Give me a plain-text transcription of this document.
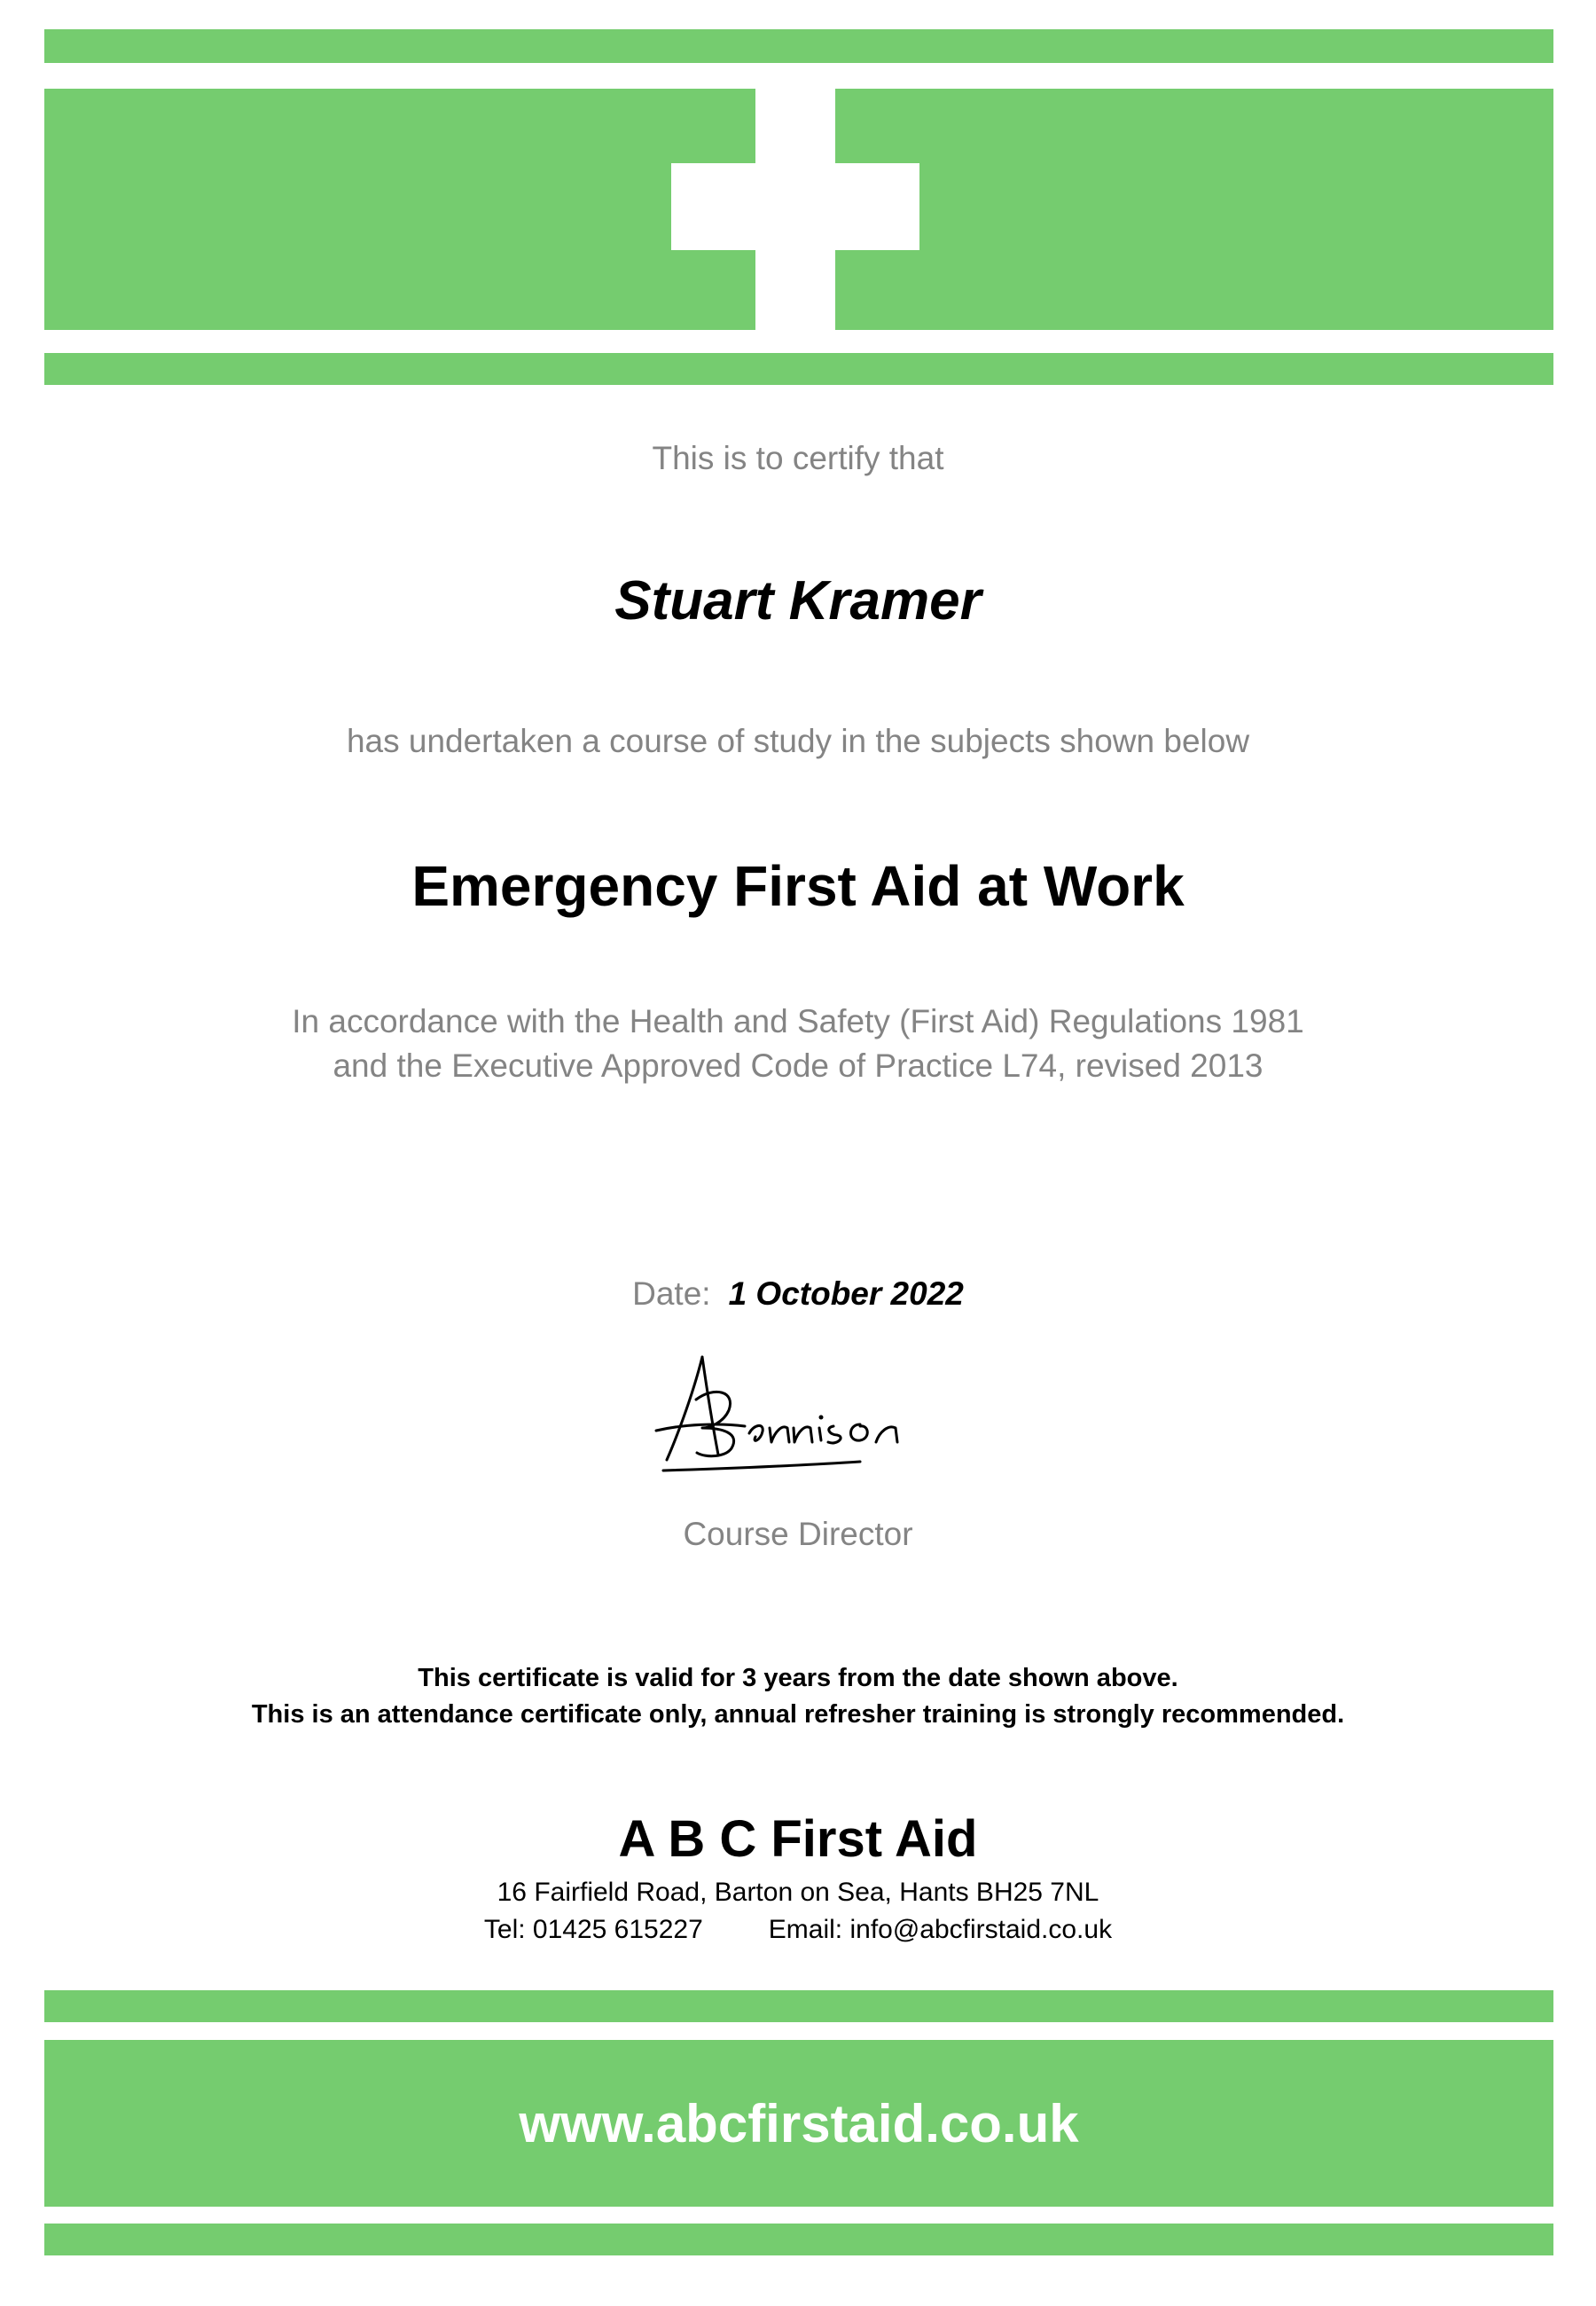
This is to certify that

Stuart Kramer

has undertaken a course of study in the subjects shown below

Emergency First Aid at Work

In accordance with the Health and Safety (First Aid) Regulations 1981

and the Executive Approved Code of Practice L74, revised 2013

Date: 1 October 2022

Course Director

This certificate is valid for 3 years from the date shown above.

This is an attendance certificate only, annual refresher training is strongly recommended.

A B C First Aid

16 Fairfield Road, Barton on Sea, Hants BH25 7NL

Tel: 01425 615227 Email: info@abcfirstaid.co.uk

www.abcfirstaid.co.uk
